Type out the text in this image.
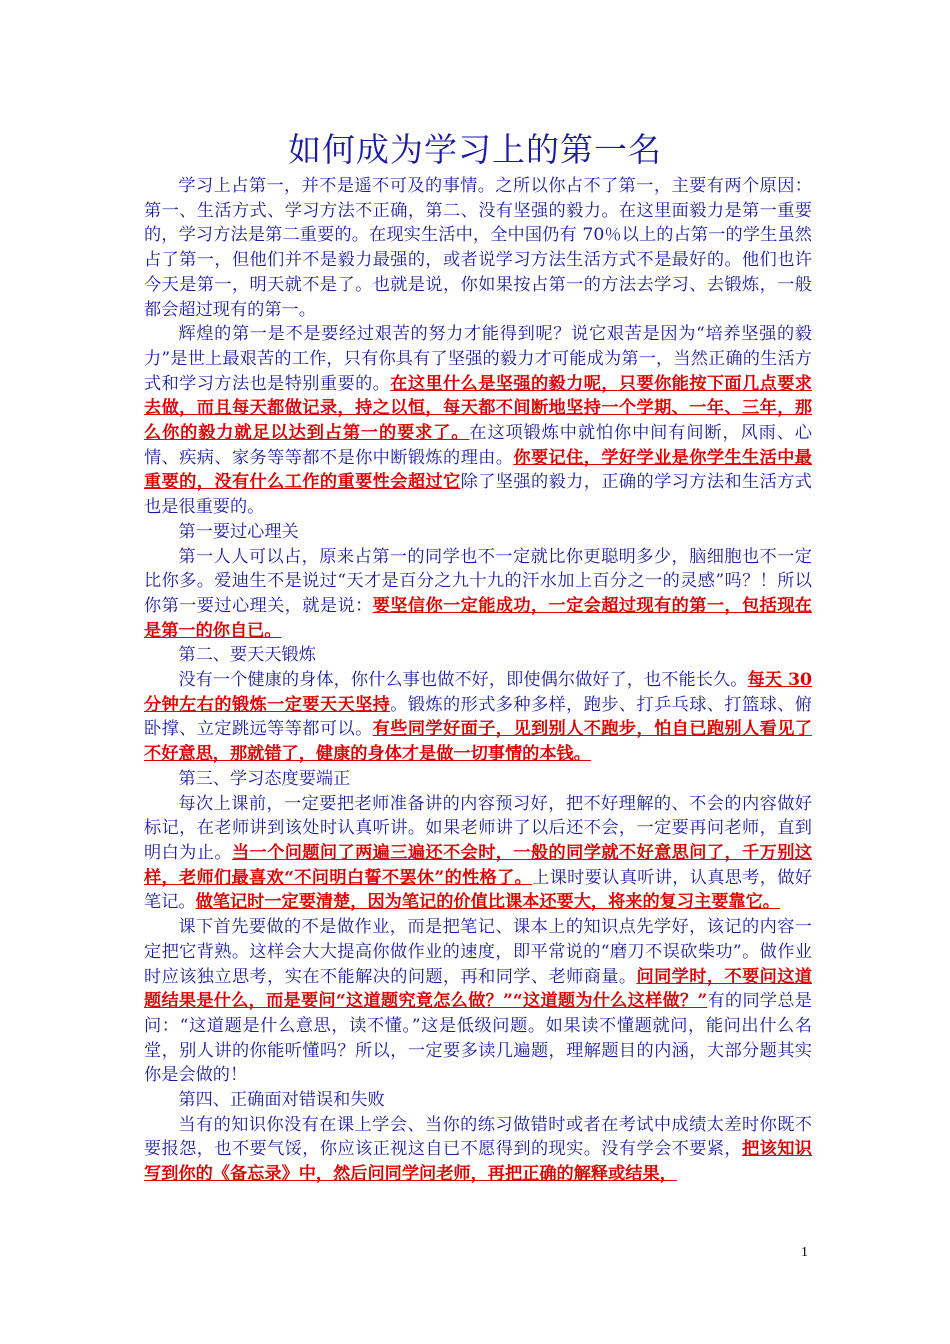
如何成为学习上的第一名

学习上占第一，并不是遥不可及的事情。之所以你占不了第一，主要有两个原因：第一、生活方式、学习方法不正确，第二、没有坚强的毅力。在这里面毅力是第一重要的，学习方法是第二重要的。在现实生活中，全中国仍有 70％以上的占第一的学生虽然占了第一，但他们并不是毅力最强的，或者说学习方法生活方式不是最好的。他们也许今天是第一，明天就不是了。也就是说，你如果按占第一的方法去学习、去锻炼，一般都会超过现有的第一。

辉煌的第一是不是要经过艰苦的努力才能得到呢？说它艰苦是因为“培养坚强的毅力”是世上最艰苦的工作，只有你具有了坚强的毅力才可能成为第一，当然正确的生活方式和学习方法也是特别重要的。在这里什么是坚强的毅力呢，只要你能按下面几点要求去做，而且每天都做记录，持之以恒，每天都不间断地坚持一个学期、一年、三年，那么你的毅力就足以达到占第一的要求了。在这项锻炼中就怕你中间有间断，风雨、心情、疾病、家务等等都不是你中断锻炼的理由。你要记住，学好学业是你学生生活中最重要的，没有什么工作的重要性会超过它除了坚强的毅力，正确的学习方法和生活方式也是很重要的。

第一要过心理关

第一人人可以占，原来占第一的同学也不一定就比你更聪明多少，脑细胞也不一定比你多。爱迪生不是说过“天才是百分之九十九的汗水加上百分之一的灵感”吗？！所以你第一要过心理关，就是说：要坚信你一定能成功，一定会超过现有的第一，包括现在是第一的你自已。

第二、要天天锻炼

没有一个健康的身体，你什么事也做不好，即使偶尔做好了，也不能长久。每天 30 分钟左右的锻炼一定要天天坚持。锻炼的形式多种多样，跑步、打乒乓球、打篮球、俯卧撑、立定跳远等等都可以。有些同学好面子，见到别人不跑步，怕自已跑别人看见了不好意思，那就错了，健康的身体才是做一切事情的本钱。

第三、学习态度要端正

每次上课前，一定要把老师准备讲的内容预习好，把不好理解的、不会的内容做好标记，在老师讲到该处时认真听讲。如果老师讲了以后还不会，一定要再问老师，直到明白为止。当一个问题问了两遍三遍还不会时，一般的同学就不好意思问了，千万别这样，老师们最喜欢“不问明白誓不罢休”的性格了。上课时要认真听讲，认真思考，做好笔记。做笔记时一定要清楚，因为笔记的价值比课本还要大，将来的复习主要靠它。

课下首先要做的不是做作业，而是把笔记、课本上的知识点先学好，该记的内容一定把它背熟。这样会大大提高你做作业的速度，即平常说的“磨刀不误砍柴功”。做作业时应该独立思考，实在不能解决的问题，再和同学、老师商量。问同学时，不要问这道题结果是什么，而是要问“这道题究竟怎么做？”“这道题为什么这样做？”有的同学总是问：“这道题是什么意思，读不懂。”这是低级问题。如果读不懂题就问，能问出什么名堂，别人讲的你能听懂吗？所以，一定要多读几遍题，理解题目的内涵，大部分题其实你是会做的！

第四、正确面对错误和失败

当有的知识你没有在课上学会、当你的练习做错时或者在考试中成绩太差时你既不要报怨，也不要气馁，你应该正视这自已不愿得到的现实。没有学会不要紧，把该知识写到你的《备忘录》中，然后问同学问老师，再把正确的解释或结果，

1
